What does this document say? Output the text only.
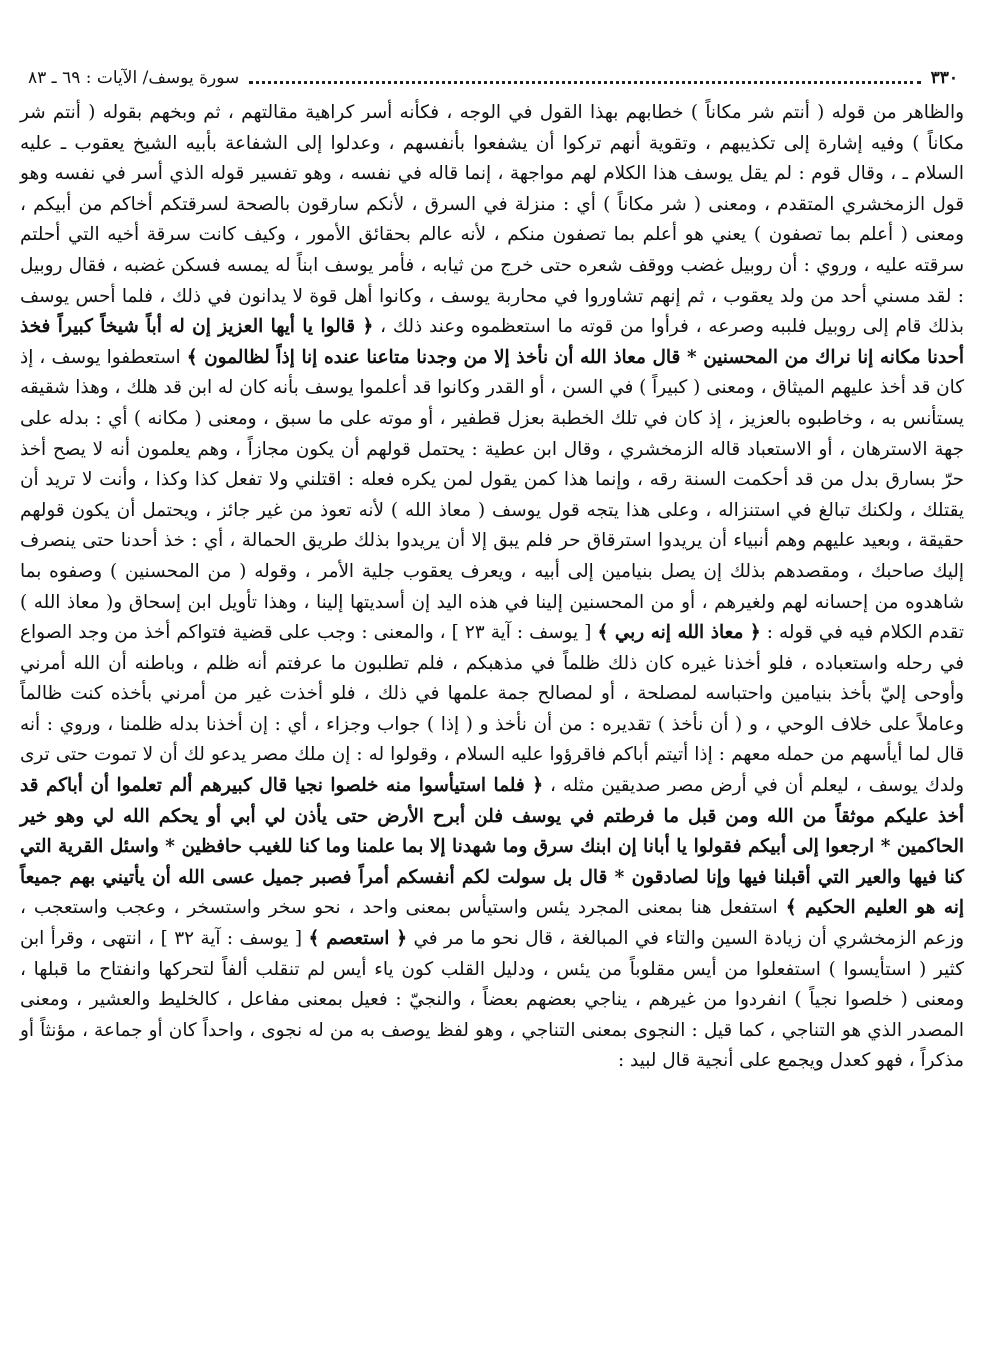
٣٣٠
سورة يوسف/ الآيات : ٦٩ ـ ٨٣

والظاهر من قوله ( أنتم شر مكاناً ) خطابهم بهذا القول في الوجه ، فكأنه أسر كراهية مقالتهم ، ثم وبخهم بقوله ( أنتم شر مكاناً ) وفيه إشارة إلى تكذيبهم ، وتقوية أنهم تركوا أن يشفعوا بأنفسهم ، وعدلوا إلى الشفاعة بأبيه الشيخ يعقوب ـ عليه السلام ـ ، وقال قوم : لم يقل يوسف هذا الكلام لهم مواجهة ، إنما قاله في نفسه ، وهو تفسير قوله الذي أسر في نفسه وهو قول الزمخشري المتقدم ، ومعنى ( شر مكاناً ) أي : منزلة في السرق ، لأنكم سارقون بالصحة لسرقتكم أخاكم من أبيكم ، ومعنى ( أعلم بما تصفون ) يعني هو أعلم بما تصفون منكم ، لأنه عالم بحقائق الأمور ، وكيف كانت سرقة أخيه التي أحلتم سرقته عليه ، وروي : أن روبيل غضب ووقف شعره حتى خرج من ثيابه ، فأمر يوسف ابناً له يمسه فسكن غضبه ، فقال روبيل : لقد مسني أحد من ولد يعقوب ، ثم إنهم تشاوروا في محاربة يوسف ، وكانوا أهل قوة لا يدانون في ذلك ، فلما أحس يوسف بذلك قام إلى روبيل فلببه وصرعه ، فرأوا من قوته ما استعظموه وعند ذلك ، ﴿ قالوا يا أيها العزيز إن له أباً شيخاً كبيراً فخذ أحدنا مكانه إنا نراك من المحسنين * قال معاذ الله أن نأخذ إلا من وجدنا متاعنا عنده إنا إذاً لظالمون ﴾ استعطفوا يوسف ، إذ كان قد أخذ عليهم الميثاق ، ومعنى ( كبيراً ) في السن ، أو القدر وكانوا قد أعلموا يوسف بأنه كان له ابن قد هلك ، وهذا شقيقه يستأنس به ، وخاطبوه بالعزيز ، إذ كان في تلك الخطبة بعزل قطفير ، أو موته على ما سبق ، ومعنى ( مكانه ) أي : بدله على جهة الاسترهان ، أو الاستعباد قاله الزمخشري ، وقال ابن عطية : يحتمل قولهم أن يكون مجازاً ، وهم يعلمون أنه لا يصح أخذ حرّ بسارق بدل من قد أحكمت السنة رقه ، وإنما هذا كمن يقول لمن يكره فعله : اقتلني ولا تفعل كذا وكذا ، وأنت لا تريد أن يقتلك ، ولكنك تبالغ في استنزاله ، وعلى هذا يتجه قول يوسف ( معاذ الله ) لأنه تعوذ من غير جائز ، ويحتمل أن يكون قولهم حقيقة ، وبعيد عليهم وهم أنبياء أن يريدوا استرقاق حر فلم يبق إلا أن يريدوا بذلك طريق الحمالة ، أي : خذ أحدنا حتى ينصرف إليك صاحبك ، ومقصدهم بذلك إن يصل بنيامين إلى أبيه ، ويعرف يعقوب جلية الأمر ، وقوله ( من المحسنين ) وصفوه بما شاهدوه من إحسانه لهم ولغيرهم ، أو من المحسنين إلينا في هذه اليد إن أسديتها إلينا ، وهذا تأويل ابن إسحاق و( معاذ الله ) تقدم الكلام فيه في قوله : ﴿ معاذ الله إنه ربي ﴾ [ يوسف : آية ٢٣ ] ، والمعنى : وجب على قضية فتواكم أخذ من وجد الصواع في رحله واستعباده ، فلو أخذنا غيره كان ذلك ظلماً في مذهبكم ، فلم تطلبون ما عرفتم أنه ظلم ، وباطنه أن الله أمرني وأوحى إليّ بأخذ بنيامين واحتباسه لمصلحة ، أو لمصالح جمة علمها في ذلك ، فلو أخذت غير من أمرني بأخذه كنت ظالماً وعاملاً على خلاف الوحي ، و ( أن نأخذ ) تقديره : من أن نأخذ و ( إذا ) جواب وجزاء ، أي : إن أخذنا بدله ظلمنا ، وروي : أنه قال لما أيأسهم من حمله معهم : إذا أتيتم أباكم فاقرؤوا عليه السلام ، وقولوا له : إن ملك مصر يدعو لك أن لا تموت حتى ترى ولدك يوسف ، ليعلم أن في أرض مصر صديقين مثله ، ﴿ فلما استيأسوا منه خلصوا نجيا قال كبيرهم ألم تعلموا أن أباكم قد أخذ عليكم موثقاً من الله ومن قبل ما فرطتم في يوسف فلن أبرح الأرض حتى يأذن لي أبي أو يحكم الله لي وهو خير الحاكمين * ارجعوا إلى أبيكم فقولوا يا أبانا إن ابنك سرق وما شهدنا إلا بما علمنا وما كنا للغيب حافظين * واسئل القرية التي كنا فيها والعير التي أقبلنا فيها وإنا لصادقون * قال بل سولت لكم أنفسكم أمراً فصبر جميل عسى الله أن يأتيني بهم جميعاً إنه هو العليم الحكيم ﴾ استفعل هنا بمعنى المجرد يئس واستيأس بمعنى واحد ، نحو سخر واستسخر ، وعجب واستعجب ، وزعم الزمخشري أن زيادة السين والتاء في المبالغة ، قال نحو ما مر في ﴿ استعصم ﴾ [ يوسف : آية ٣٢ ] ، انتهى ، وقرأ ابن كثير ( استأيسوا ) استفعلوا من أيس مقلوباً من يئس ، ودليل القلب كون ياء أيس لم تنقلب ألفاً لتحركها وانفتاح ما قبلها ، ومعنى ( خلصوا نجياً ) انفردوا من غيرهم ، يناجي بعضهم بعضاً ، والنجيّ : فعيل بمعنى مفاعل ، كالخليط والعشير ، ومعنى المصدر الذي هو التناجي ، كما قيل : النجوى بمعنى التناجي ، وهو لفظ يوصف به من له نجوى ، واحداً كان أو جماعة ، مؤنثاً أو مذكراً ، فهو كعدل ويجمع على أنجية قال لبيد :
